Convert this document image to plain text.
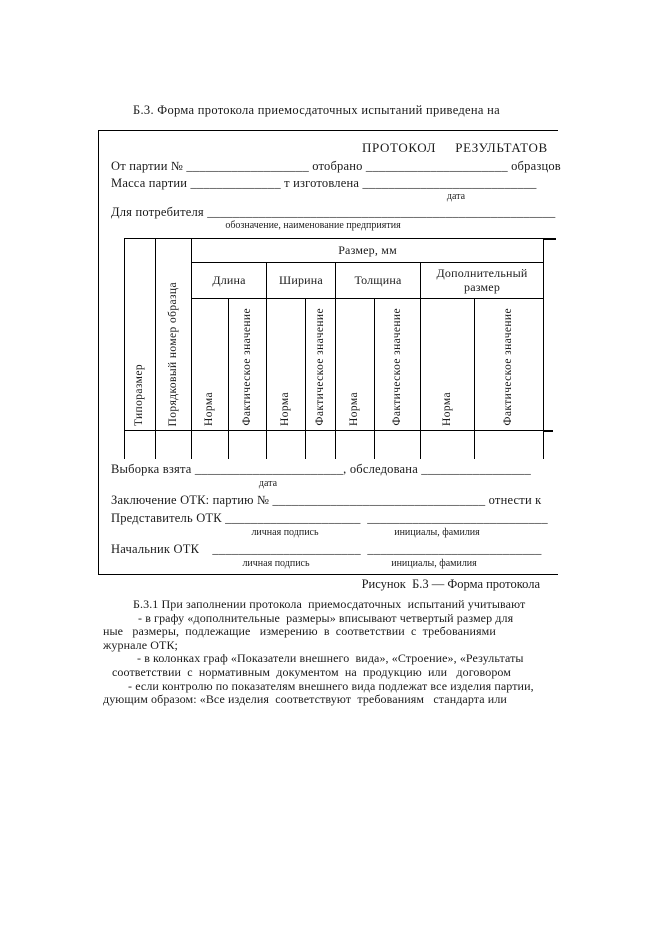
Б.3. Форма протокола приемосдаточных испытаний приведена на
ПРОТОКОЛ     РЕЗУЛЬТАТОВ
От партии № ___________________ отобрано ______________________ образцов
Масса партии ______________ т изготовлена ___________________________
дата
Для потребителя ______________________________________________________
обозначение, наименование предприятия
Типоразмер	Порядковый номер образца	Размер, мм							
		Длина		Ширина		Толщина		Дополнительный размер	
		Норма	Фактическое значение	Норма	Фактическое значение	Норма	Фактическое значение	Норма	Фактическое значение

Выборка взята _______________________, обследована _________________
дата
Заключение ОТК: партию № _________________________________ отнести к
Представитель ОТК _____________________  ____________________________
личная подпись	инициалы, фамилия
Начальник ОТК    _______________________  ___________________________
личная подпись	инициалы, фамилия
Рисунок  Б.3 — Форма протокола
Б.3.1 При заполнении протокола  приемосдаточных  испытаний учитывают
- в графу «дополнительные  размеры» вписывают четвертый размер для
ные   размеры,  подлежащие   измерению  в  соответствии  с  требованиями
журнале ОТК;
- в колонках граф «Показатели внешнего  вида», «Строение», «Результаты
соответствии  с  нормативным  документом  на  продукцию  или   договором
- если контролю по показателям внешнего вида подлежат все изделия партии,
дующим образом: «Все изделия  соответствуют  требованиям   стандарта или
